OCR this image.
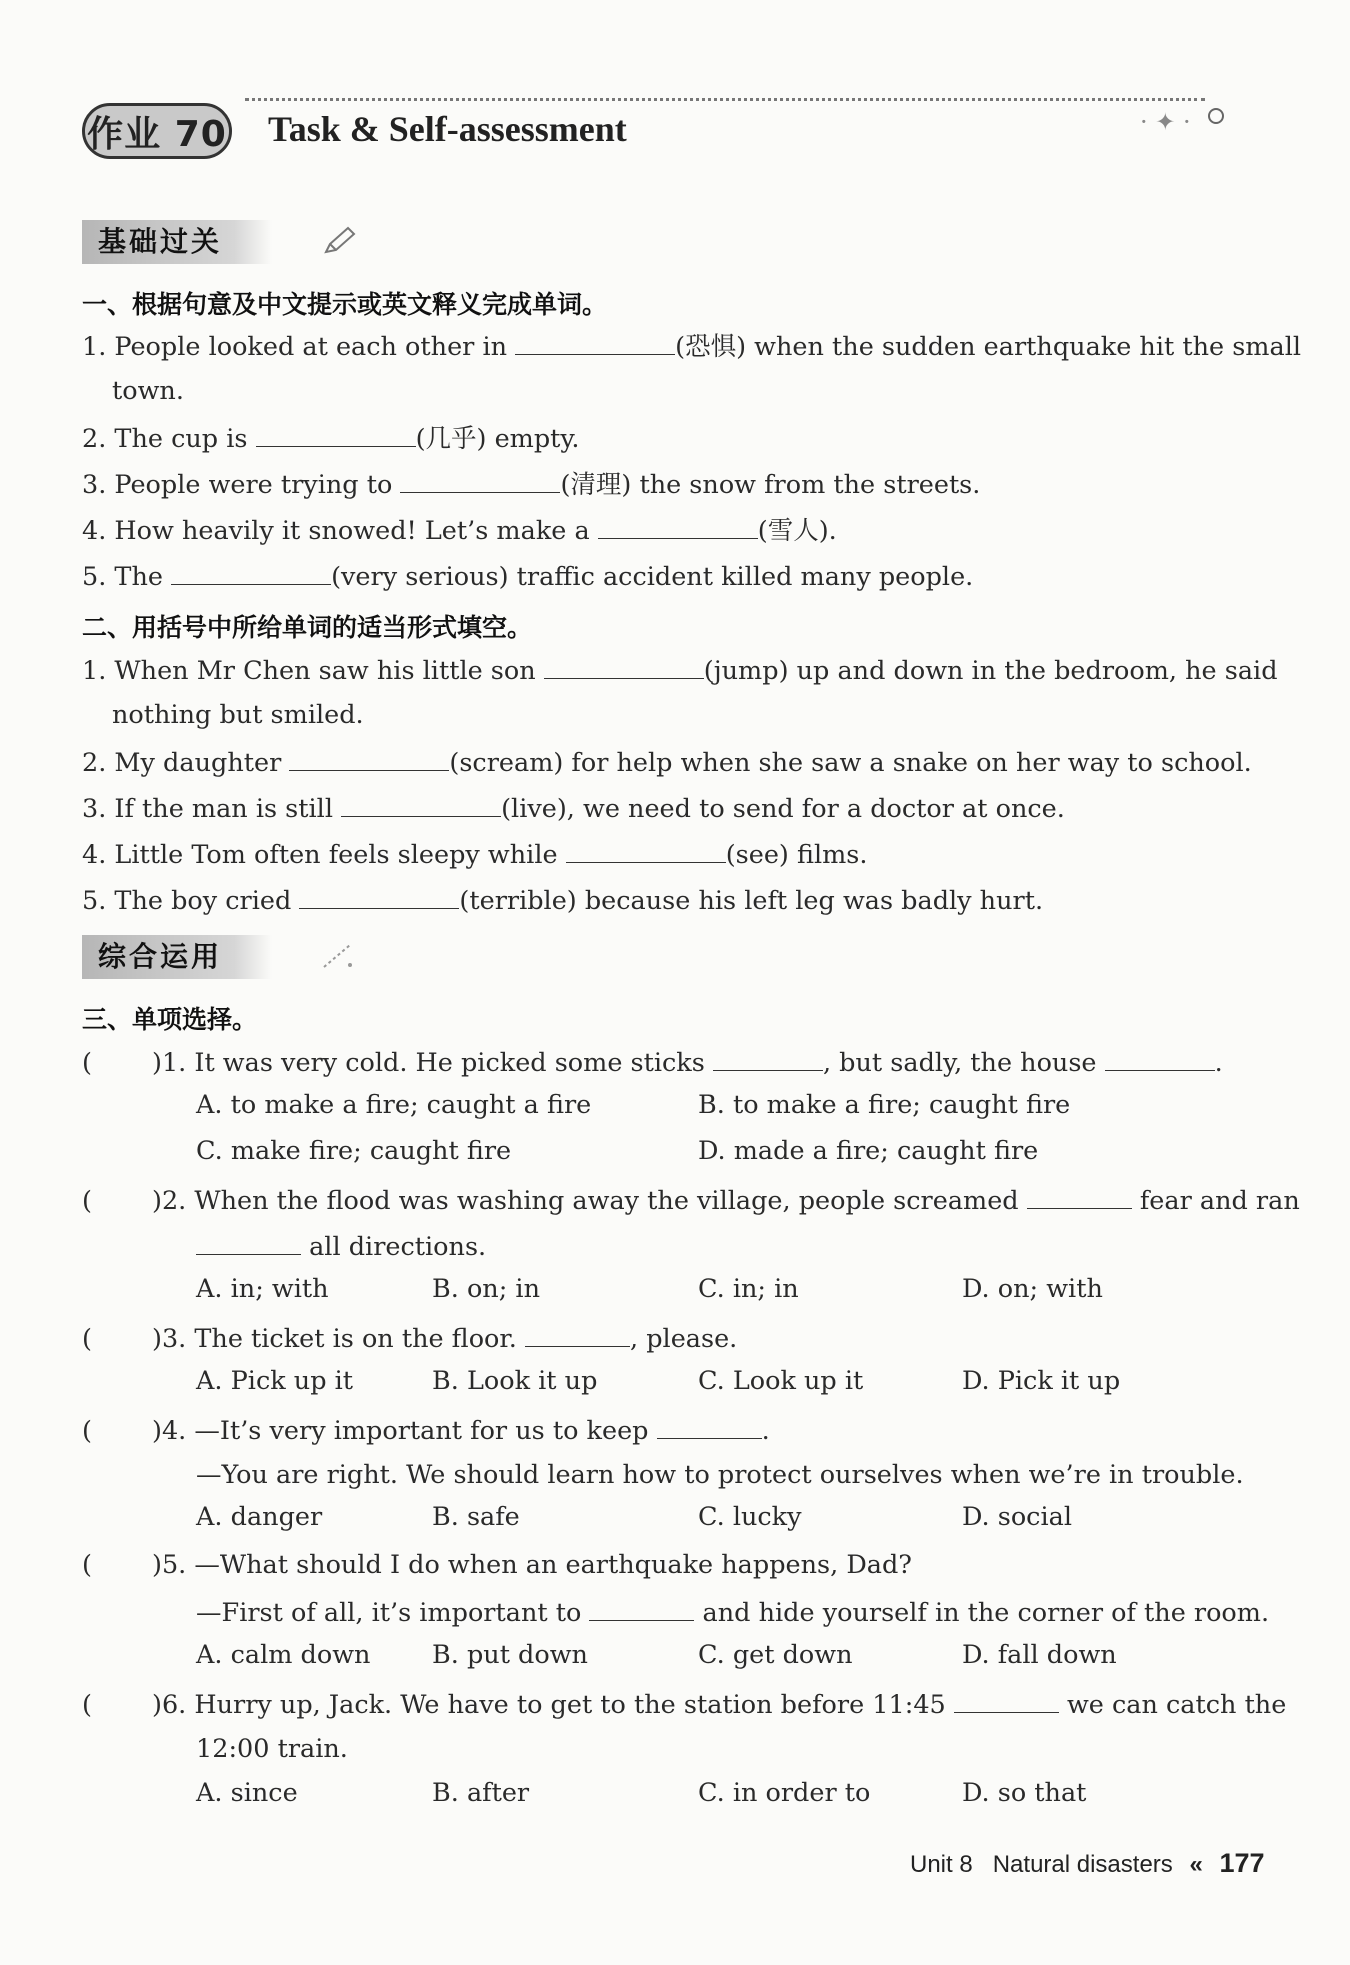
作业 70 Task & Self-assessment	· ✦ ·
基础过关
一、根据句意及中文提示或英文释义完成单词。
1. People looked at each other in	(恐惧) when the sudden earthquake hit the small
town.
2. The cup is	(几乎) empty.
3. People were trying to	(清理) the snow from the streets.
4. How heavily it snowed! Let’s make a	(雪人).
5. The	(very serious) traffic accident killed many people.
二、用括号中所给单词的适当形式填空。
1. When Mr Chen saw his little son	(jump) up and down in the bedroom, he said
nothing but smiled.
2. My daughter	(scream) for help when she saw a snake on her way to school.
3. If the man is still	(live), we need to send for a doctor at once.
4. Little Tom often feels sleepy while	(see) films.
5. The boy cried	(terrible) because his left leg was badly hurt.
综合运用
三、单项选择。
( )1. It was very cold. He picked some sticks	, but sadly, the house	.
A. to make a fire; caught a fire	B. to make a fire; caught fire
C. make fire; caught fire	D. made a fire; caught fire
( )2. When the flood was washing away the village, people screamed	fear and ran
all directions.
A. in; with	B. on; in	C. in; in	D. on; with
( )3. The ticket is on the floor.	, please.
A. Pick up it	B. Look it up	C. Look up it	D. Pick it up
( )4. —It’s very important for us to keep	.
—You are right. We should learn how to protect ourselves when we’re in trouble.
A. danger	B. safe	C. lucky	D. social
( )5. —What should I do when an earthquake happens, Dad?
—First of all, it’s important to	and hide yourself in the corner of the room.
A. calm down B. put down	C. get down	D. fall down
( )6. Hurry up, Jack. We have to get to the station before 11:45	we can catch the
12:00 train.
A. since	B. after	C. in order to	D. so that
Unit 8 Natural disasters « 177
